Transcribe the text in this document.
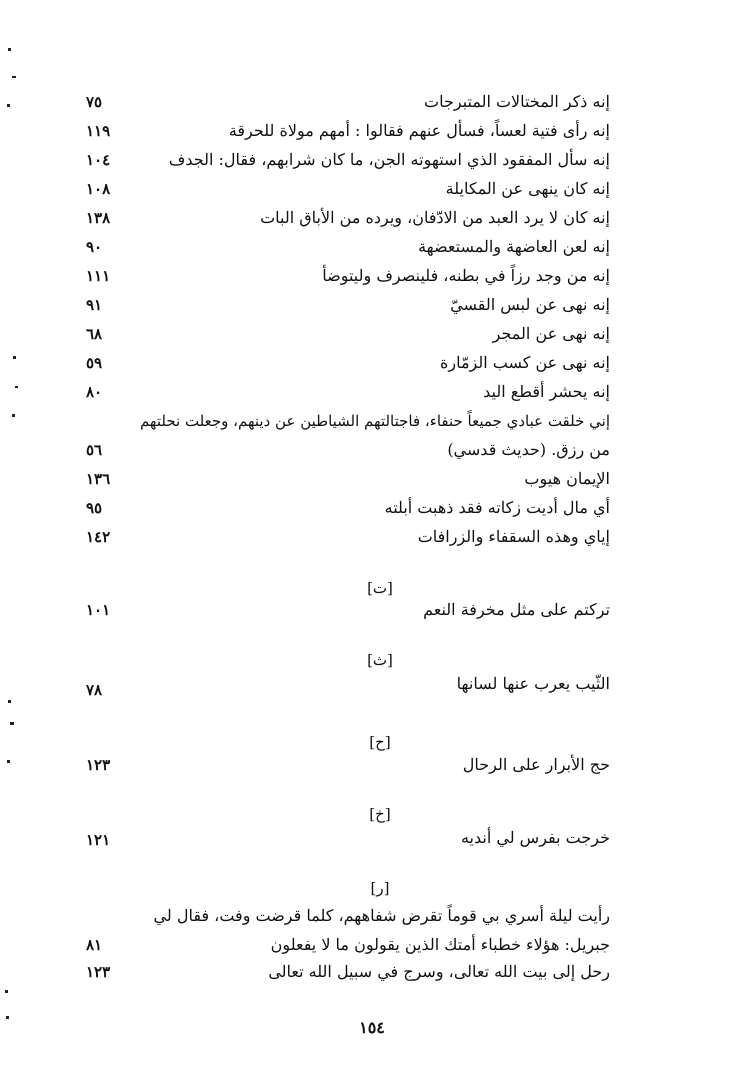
إنه ذكر المختالات المتبرجات
٧٥
إنه رأى فتية لعساً، فسأل عنهم فقالوا : أمهم مولاة للحرقة
١١٩
إنه سأل المفقود الذي استهوته الجن، ما كان شرابهم، فقال: الجدف
١٠٤
إنه كان ينهى عن المكايلة
١٠٨
إنه كان لا يرد العبد من الادّفان، ويرده من الأباق البات
١٣٨
إنه لعن العاضهة والمستعضهة
٩٠
إنه من وجد رزاً في بطنه، فلينصرف وليتوضأ
١١١
إنه نهى عن لبس القسيّ
٩١
إنه نهى عن المجر
٦٨
إنه نهى عن كسب الزمّارة
٥٩
إنه يحشر أقطع اليد
٨٠
إني خلقت عبادي جميعاً حنفاء، فاجتالتهم الشياطين عن دينهم، وجعلت نحلتهم
من رزق. (حديث قدسي)
٥٦
الإيمان هيوب
١٣٦
أي مال أديت زكاته فقد ذهبت أبلته
٩٥
إياي وهذه السقفاء والزرافات
١٤٢
[ت]
تركتم على مثل مخرفة النعم
١٠١
[ث]
الثّيب يعرب عنها لسانها
٧٨
[ح]
حج الأبرار على الرحال
١٢٣
[خ]
خرجت بفرس لي أنديه
١٢١
[ر]
رأيت ليلة أسري بي قوماً تقرض شفاههم، كلما قرضت وفت، فقال لي
جبريل: هؤلاء خطباء أمتك الذين يقولون ما لا يفعلون
٨١
رحل إلى بيت الله تعالى، وسرج في سبيل الله تعالى
١٢٣
١٥٤
